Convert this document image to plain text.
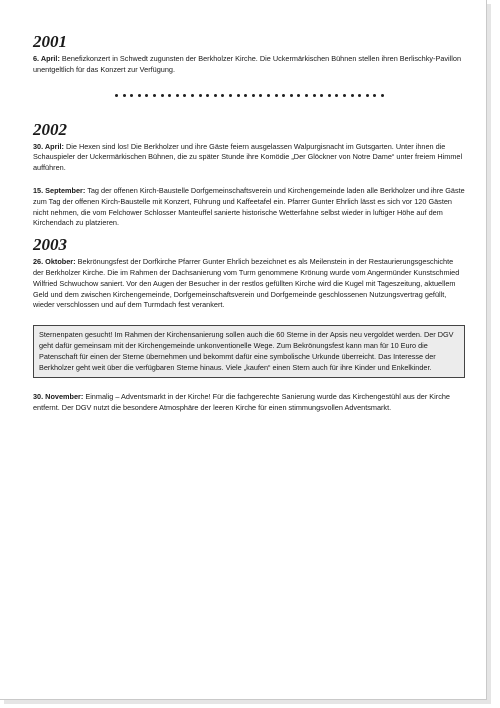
2001

6. April: Benefizkonzert in Schwedt zugunsten der Berkholzer Kirche. Die Uckermärkischen Bühnen stellen ihren Berlischky-Pavillon unentgeltlich für das Konzert zur Verfügung.

2002

30. April: Die Hexen sind los! Die Berkholzer und ihre Gäste feiern ausgelassen Walpurgisnacht im Gutsgarten. Unter ihnen die Schauspieler der Uckermärkischen Bühnen, die zu später Stunde ihre Komödie „Der Glöckner von Notre Dame“ unter freiem Himmel aufführen.

15. September: Tag der offenen Kirch-Baustelle Dorfgemeinschaftsverein und Kirchengemeinde laden alle Berkholzer und ihre Gäste zum Tag der offenen Kirch-Baustelle mit Konzert, Führung und Kaffeetafel ein. Pfarrer Gunter Ehrlich lässt es sich vor 120 Gästen nicht nehmen, die vom Felchower Schlosser Manteuffel sanierte historische Wetterfahne selbst wieder in luftiger Höhe auf dem Kirchendach zu platzieren.

2003

26. Oktober: Bekrönungsfest der Dorfkirche Pfarrer Gunter Ehrlich bezeichnet es als Meilenstein in der Restaurierungsgeschichte der Berkholzer Kirche. Die im Rahmen der Dachsanierung vom Turm genommene Krönung wurde vom Angermünder Kunstschmied Wilfried Schwuchow saniert. Vor den Augen der Besucher in der restlos gefüllten Kirche wird die Kugel mit Tageszeitung, aktuellem Geld und dem zwischen Kirchengemeinde, Dorfgemeinschaftsverein und Dorfgemeinde geschlossenen Nutzungsvertrag gefüllt, wieder verschlossen und auf dem Turmdach fest verankert.

Sternenpaten gesucht! Im Rahmen der Kirchensanierung sollen auch die 60 Sterne in der Apsis neu vergoldet werden. Der DGV geht dafür gemeinsam mit der Kirchengemeinde unkonventionelle Wege. Zum Bekrönungsfest kann man für 10 Euro die Patenschaft für einen der Sterne übernehmen und bekommt dafür eine symbolische Urkunde überreicht. Das Interesse der Berkholzer geht weit über die verfügbaren Sterne hinaus. Viele „kaufen“ einen Stern auch für ihre Kinder und Enkelkinder.

30. November: Einmalig – Adventsmarkt in der Kirche! Für die fachgerechte Sanierung wurde das Kirchengestühl aus der Kirche entfernt. Der DGV nutzt die besondere Atmosphäre der leeren Kirche für einen stimmungsvollen Adventsmarkt.
